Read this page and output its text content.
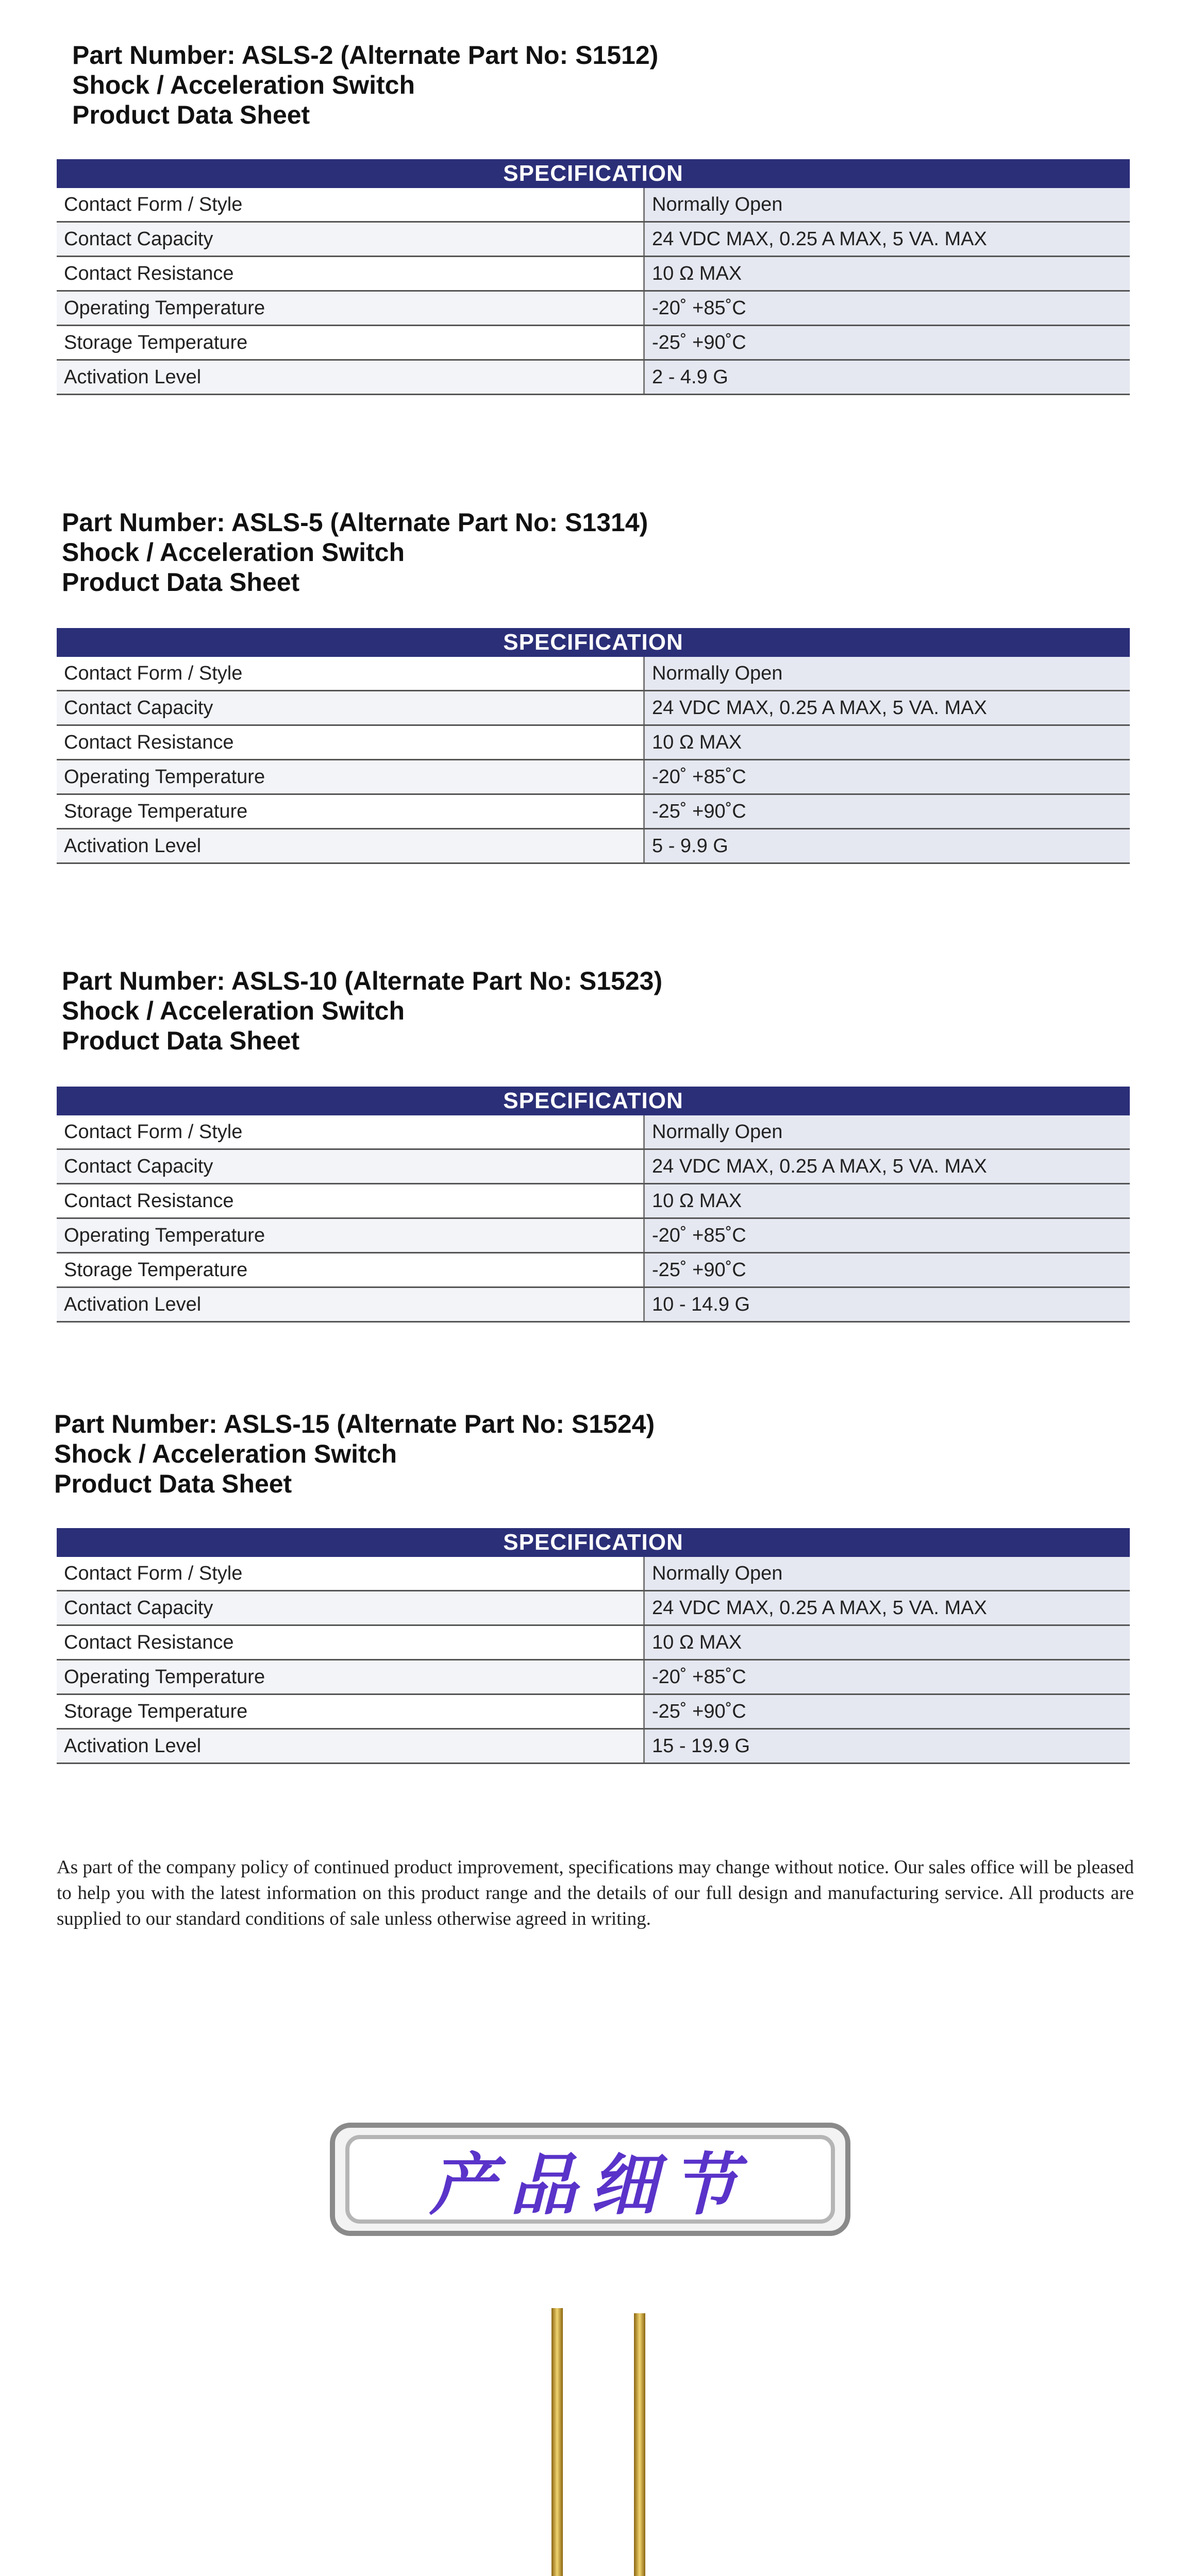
Part Number: ASLS-2 (Alternate Part No: S1512)
Shock / Acceleration Switch
Product Data Sheet
SPECIFICATION	
Contact Form / Style	Normally Open
Contact Capacity	24 VDC MAX, 0.25 A MAX, 5 VA. MAX
Contact Resistance	10 Ω MAX
Operating Temperature	-20˚ +85˚C
Storage Temperature	-25˚ +90˚C
Activation Level	2 - 4.9 G
Part Number: ASLS-5 (Alternate Part No: S1314)
Shock / Acceleration Switch
Product Data Sheet
SPECIFICATION	
Contact Form / Style	Normally Open
Contact Capacity	24 VDC MAX, 0.25 A MAX, 5 VA. MAX
Contact Resistance	10 Ω MAX
Operating Temperature	-20˚ +85˚C
Storage Temperature	-25˚ +90˚C
Activation Level	5 - 9.9 G
Part Number: ASLS-10 (Alternate Part No: S1523)
Shock / Acceleration Switch
Product Data Sheet
SPECIFICATION	
Contact Form / Style	Normally Open
Contact Capacity	24 VDC MAX, 0.25 A MAX, 5 VA. MAX
Contact Resistance	10 Ω MAX
Operating Temperature	-20˚ +85˚C
Storage Temperature	-25˚ +90˚C
Activation Level	10 - 14.9 G
Part Number: ASLS-15 (Alternate Part No: S1524)
Shock / Acceleration Switch
Product Data Sheet
SPECIFICATION	
Contact Form / Style	Normally Open
Contact Capacity	24 VDC MAX, 0.25 A MAX, 5 VA. MAX
Contact Resistance	10 Ω MAX
Operating Temperature	-20˚ +85˚C
Storage Temperature	-25˚ +90˚C
Activation Level	15 - 19.9 G
As part of the company policy of continued product improvement, specifications may change without notice. Our sales office will be pleased to help you with the latest information on this product range and the details of our full design and manufacturing service. All products are supplied to our standard conditions of sale unless otherwise agreed in writing.
产品细节
